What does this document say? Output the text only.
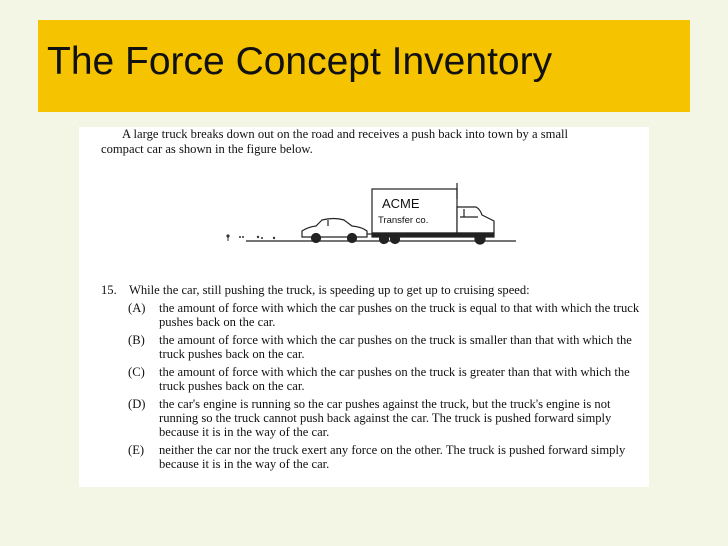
The Force Concept Inventory
A large truck breaks down out on the road and receives a push back into town by a small
compact car as shown in the figure below.
ACME
Transfer co.
15. While the car, still pushing the truck, is speeding up to get up to cruising speed:
(A)	the amount of force with which the car pushes on the truck is equal to that with which the truck pushes back on the car.
(B)	the amount of force with which the car pushes on the truck is smaller than that with which the truck pushes back on the car.
(C)	the amount of force with which the car pushes on the truck is greater than that with which the truck pushes back on the car.
(D)	the car's engine is running so the car pushes against the truck, but the truck's engine is not running so the truck cannot push back against the car. The truck is pushed forward simply because it is in the way of the car.
(E)	neither the car nor the truck exert any force on the other. The truck is pushed forward simply because it is in the way of the car.
